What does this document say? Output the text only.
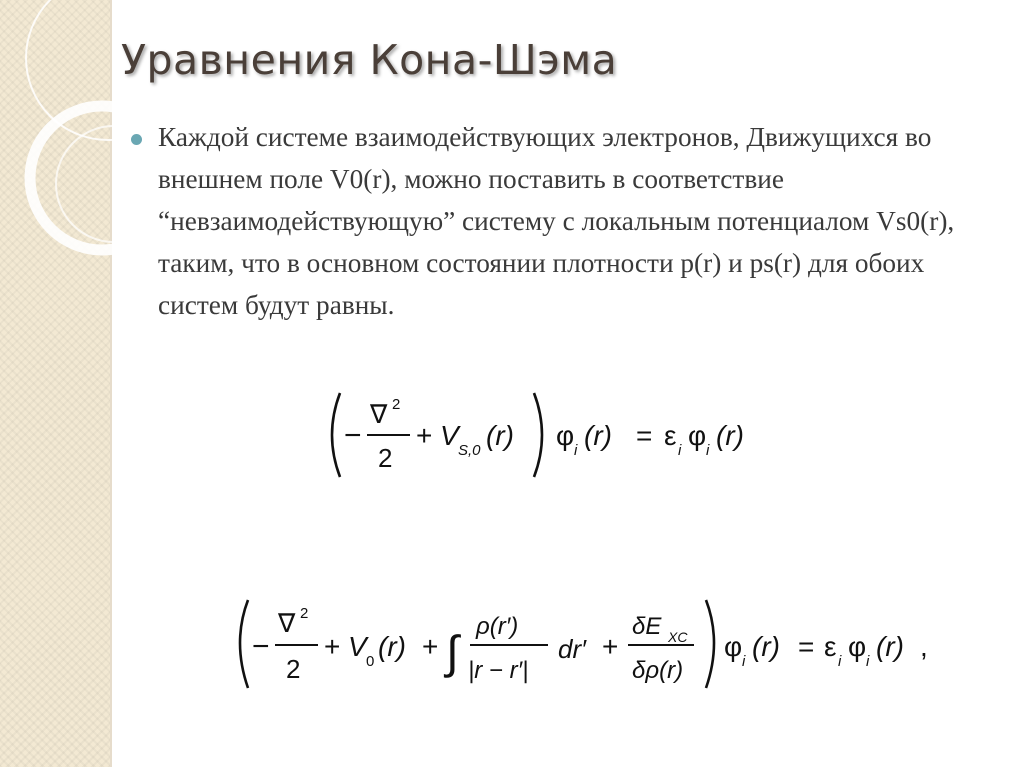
Уравнения Кона-Шэма
Каждой системе взаимодействующих электронов, Движущихся во внешнем поле V0(r), можно поставить в соответствие “невзаимодействующую” систему с локальным потенциалом Vs0(r), таким, что в основном состоянии плотности p(r) и ps(r) для обоих систем будут равны.
−
∇ 2
2
+ V S,0 (r) φ i (r) = ε i φ i (r)
−
∇ 2
2
+ V 0 (r) + ∫ ρ(r′)
|r − r′|
dr′ +
δE XC
δρ(r)
φ i (r) = ε i φ i (r) ,
